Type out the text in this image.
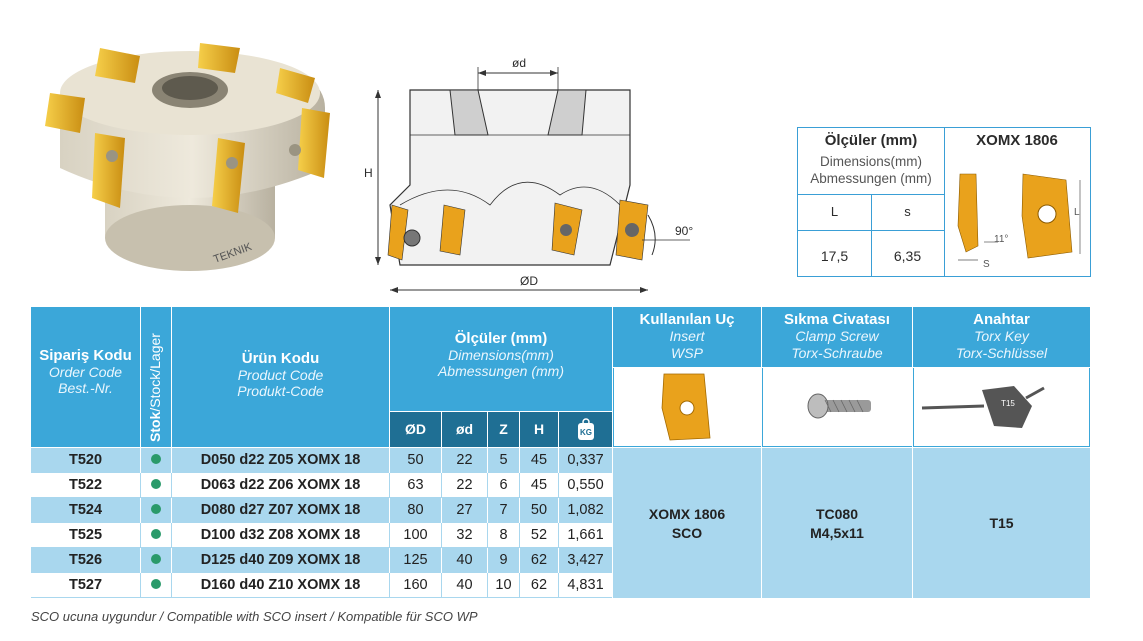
TEKNIK
ød
H
90°
ØD
Ölçüler (mm)
Dimensions(mm)
Abmessungen (mm)
XOMX 1806
L	s
17,5	6,35
L
S
11°
Sipariş Kodu
Order Code
Best.-Nr.
Stok/Stock/Lager	Ürün Kodu
Product Code
Produkt-Code
Ölçüler (mm)
Dimensions(mm)
Abmessungen (mm)
ØD	ød	Z	H	KG
Kullanılan Uç
Insert
WSP
Sıkma Civatası
Clamp Screw
Torx-Schraube
Anahtar
Torx Key
Torx-Schlüssel
T15
T520	D050 d22 Z05 XOMX 18	50	22	5	45	0,337
T522	D063 d22 Z06 XOMX 18	63	22	6	45	0,550
T524	D080 d27 Z07 XOMX 18	80	27	7	50	1,082
T525	D100 d32 Z08 XOMX 18	100	32	8	52	1,661
T526	D125 d40 Z09 XOMX 18	125	40	9	62	3,427
T527	D160 d40 Z10 XOMX 18	160	40	10	62	4,831
XOMX 1806
SCO
TC080
M4,5x11
T15
SCO ucuna uygundur / Compatible with SCO insert / Kompatible für SCO WP
